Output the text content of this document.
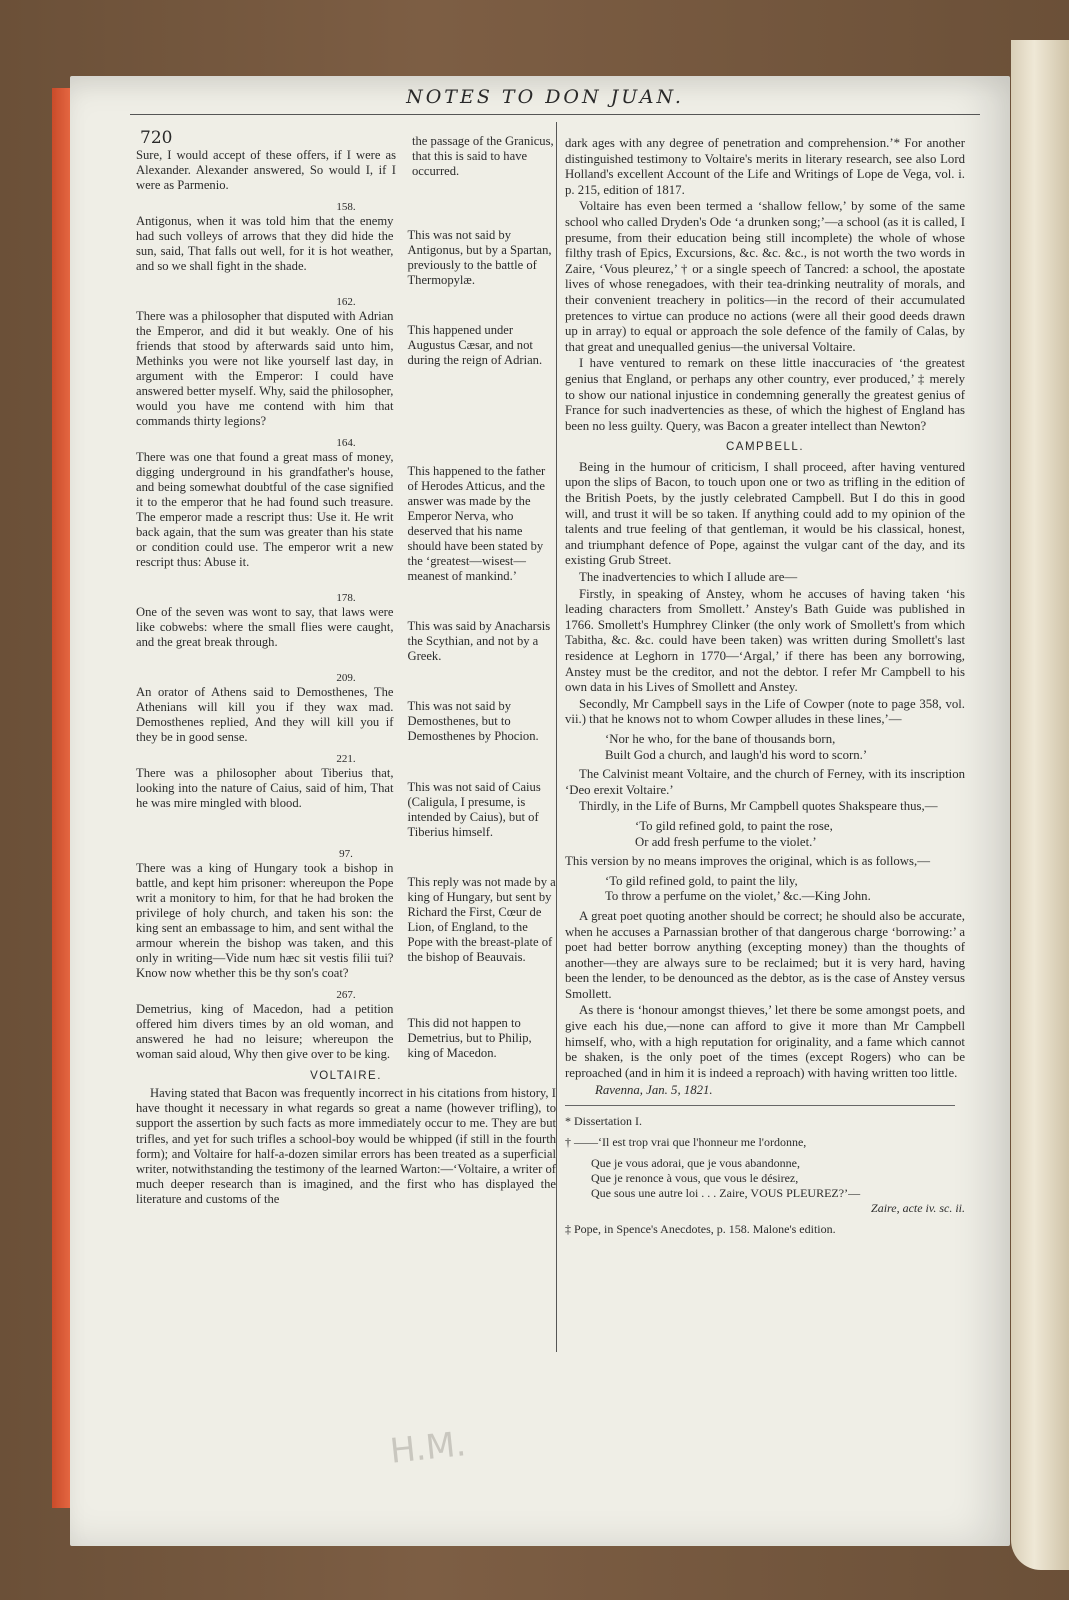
NOTES TO DON JUAN.
720
Sure, I would accept of these offers, if I were as Alexander. Alexander answered, So would I, if I were as Parmenio.
the passage of the Granicus, that this is said to have occurred.
158.
Antigonus, when it was told him that the enemy had such volleys of arrows that they did hide the sun, said, That falls out well, for it is hot weather, and so we shall fight in the shade.
This was not said by Antigonus, but by a Spartan, previously to the battle of Thermopylæ.
162.
There was a philosopher that disputed with Adrian the Emperor, and did it but weakly. One of his friends that stood by afterwards said unto him, Methinks you were not like yourself last day, in argument with the Emperor: I could have answered better myself. Why, said the philosopher, would you have me contend with him that commands thirty legions?
This happened under Augustus Cæsar, and not during the reign of Adrian.
164.
There was one that found a great mass of money, digging underground in his grandfather's house, and being somewhat doubtful of the case signified it to the emperor that he had found such treasure. The emperor made a rescript thus: Use it. He writ back again, that the sum was greater than his state or condition could use. The emperor writ a new rescript thus: Abuse it.
This happened to the father of Herodes Atticus, and the answer was made by the Emperor Nerva, who deserved that his name should have been stated by the ‘greatest—wisest—meanest of mankind.’
178.
One of the seven was wont to say, that laws were like cobwebs: where the small flies were caught, and the great break through.
This was said by Anacharsis the Scythian, and not by a Greek.
209.
An orator of Athens said to Demosthenes, The Athenians will kill you if they wax mad. Demosthenes replied, And they will kill you if they be in good sense.
This was not said by Demosthenes, but to Demosthenes by Phocion.
221.
There was a philosopher about Tiberius that, looking into the nature of Caius, said of him, That he was mire mingled with blood.
This was not said of Caius (Caligula, I presume, is intended by Caius), but of Tiberius himself.
97.
There was a king of Hungary took a bishop in battle, and kept him prisoner: whereupon the Pope writ a monitory to him, for that he had broken the privilege of holy church, and taken his son: the king sent an embassage to him, and sent withal the armour wherein the bishop was taken, and this only in writing—Vide num hæc sit vestis filii tui? Know now whether this be thy son's coat?
This reply was not made by a king of Hungary, but sent by Richard the First, Cœur de Lion, of England, to the Pope with the breast-plate of the bishop of Beauvais.
267.
Demetrius, king of Macedon, had a petition offered him divers times by an old woman, and answered he had no leisure; whereupon the woman said aloud, Why then give over to be king.
This did not happen to Demetrius, but to Philip, king of Macedon.
VOLTAIRE.

Having stated that Bacon was frequently incorrect in his citations from history, I have thought it necessary in what regards so great a name (however trifling), to support the assertion by such facts as more immediately occur to me. They are but trifles, and yet for such trifles a school-boy would be whipped (if still in the fourth form); and Voltaire for half-a-dozen similar errors has been treated as a superficial writer, notwithstanding the testimony of the learned Warton:—‘Voltaire, a writer of much deeper research than is imagined, and the first who has displayed the literature and customs of the

dark ages with any degree of penetration and comprehension.’* For another distinguished testimony to Voltaire's merits in literary research, see also Lord Holland's excellent Account of the Life and Writings of Lope de Vega, vol. i. p. 215, edition of 1817.

Voltaire has even been termed a ‘shallow fellow,’ by some of the same school who called Dryden's Ode ‘a drunken song;’—a school (as it is called, I presume, from their education being still incomplete) the whole of whose filthy trash of Epics, Excursions, &c. &c. &c., is not worth the two words in Zaire, ‘Vous pleurez,’ † or a single speech of Tancred: a school, the apostate lives of whose renegadoes, with their tea-drinking neutrality of morals, and their convenient treachery in politics—in the record of their accumulated pretences to virtue can produce no actions (were all their good deeds drawn up in array) to equal or approach the sole defence of the family of Calas, by that great and unequalled genius—the universal Voltaire.

I have ventured to remark on these little inaccuracies of ‘the greatest genius that England, or perhaps any other country, ever produced,’ ‡ merely to show our national injustice in condemning generally the greatest genius of France for such inadvertencies as these, of which the highest of England has been no less guilty. Query, was Bacon a greater intellect than Newton?

CAMPBELL.

Being in the humour of criticism, I shall proceed, after having ventured upon the slips of Bacon, to touch upon one or two as trifling in the edition of the British Poets, by the justly celebrated Campbell. But I do this in good will, and trust it will be so taken. If anything could add to my opinion of the talents and true feeling of that gentleman, it would be his classical, honest, and triumphant defence of Pope, against the vulgar cant of the day, and its existing Grub Street.

The inadvertencies to which I allude are—

Firstly, in speaking of Anstey, whom he accuses of having taken ‘his leading characters from Smollett.’ Anstey's Bath Guide was published in 1766. Smollett's Humphrey Clinker (the only work of Smollett's from which Tabitha, &c. &c. could have been taken) was written during Smollett's last residence at Leghorn in 1770—‘Argal,’ if there has been any borrowing, Anstey must be the creditor, and not the debtor. I refer Mr Campbell to his own data in his Lives of Smollett and Anstey.

Secondly, Mr Campbell says in the Life of Cowper (note to page 358, vol. vii.) that he knows not to whom Cowper alludes in these lines,’—

‘Nor he who, for the bane of thousands born,
Built God a church, and laugh'd his word to scorn.’

The Calvinist meant Voltaire, and the church of Ferney, with its inscription ‘Deo erexit Voltaire.’

Thirdly, in the Life of Burns, Mr Campbell quotes Shakspeare thus,—

‘To gild refined gold, to paint the rose,
Or add fresh perfume to the violet.’

This version by no means improves the original, which is as follows,—

‘To gild refined gold, to paint the lily,
To throw a perfume on the violet,’ &c.—King John.

A great poet quoting another should be correct; he should also be accurate, when he accuses a Parnassian brother of that dangerous charge ‘borrowing:’ a poet had better borrow anything (excepting money) than the thoughts of another—they are always sure to be reclaimed; but it is very hard, having been the lender, to be denounced as the debtor, as is the case of Anstey versus Smollett.

As there is ‘honour amongst thieves,’ let there be some amongst poets, and give each his due,—none can afford to give it more than Mr Campbell himself, who, with a high reputation for originality, and a fame which cannot be shaken, is the only poet of the times (except Rogers) who can be reproached (and in him it is indeed a reproach) with having written too little.

Ravenna, Jan. 5, 1821.
* Dissertation I.
† ——‘Il est trop vrai que l'honneur me l'ordonne,
Que je vous adorai, que je vous abandonne,
Que je renonce à vous, que vous le désirez,
Que sous une autre loi . . . Zaire, VOUS PLEUREZ?’—
Zaire, acte iv. sc. ii.
‡ Pope, in Spence's Anecdotes, p. 158. Malone's edition.
H.M.
